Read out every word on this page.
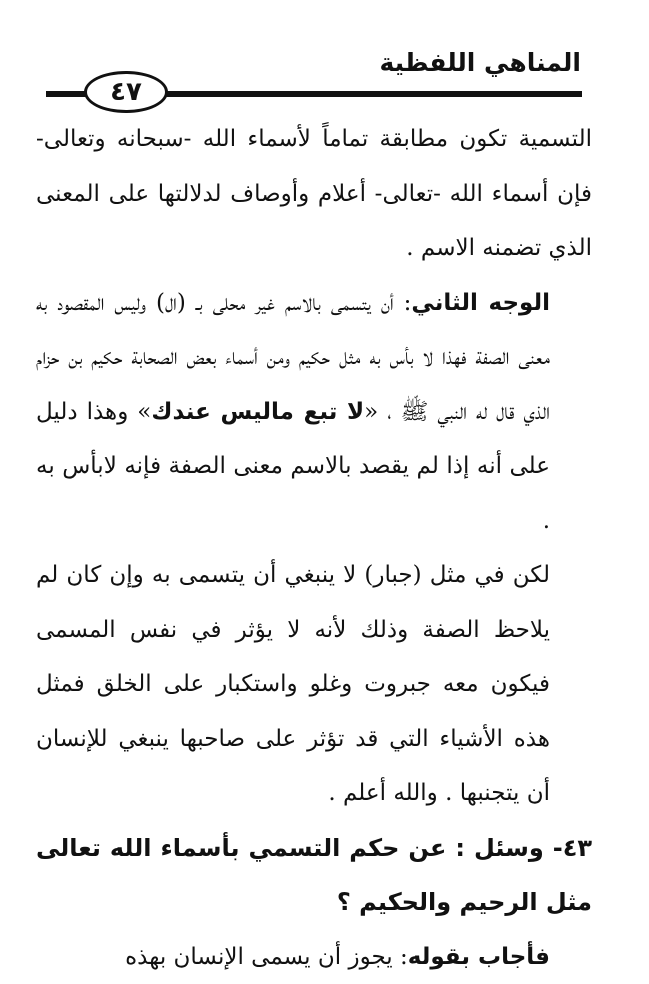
٤٧
المناهي اللفظية

التسمية تكون مطابقة تماماً لأسماء الله -سبحانه وتعالى- فإن أسماء الله -تعالى- أعلام وأوصاف لدلالتها على المعنى الذي تضمنه الاسم .

الوجه الثاني: أن يتسمى بالاسم غير محلى بـ (ال) وليس المقصود به معنى الصفة فهذا لا بأس به مثل حكيم ومن أسماء بعض الصحابة حكيم بن حزام الذي قال له النبي ﷺ ، «لا تبع ماليس عندك» وهذا دليل على أنه إذا لم يقصد بالاسم معنى الصفة فإنه لابأس به .

لكن في مثل (جبار) لا ينبغي أن يتسمى به وإن كان لم يلاحظ الصفة وذلك لأنه لا يؤثر في نفس المسمى فيكون معه جبروت وغلو واستكبار على الخلق فمثل هذه الأشياء التي قد تؤثر على صاحبها ينبغي للإنسان أن يتجنبها . والله أعلم .

٤٣- وسئل : عن حكم التسمي بأسماء الله تعالى مثل الرحيم والحكيم ؟

فأجاب بقوله: يجوز أن يسمى الإنسان بهذه
